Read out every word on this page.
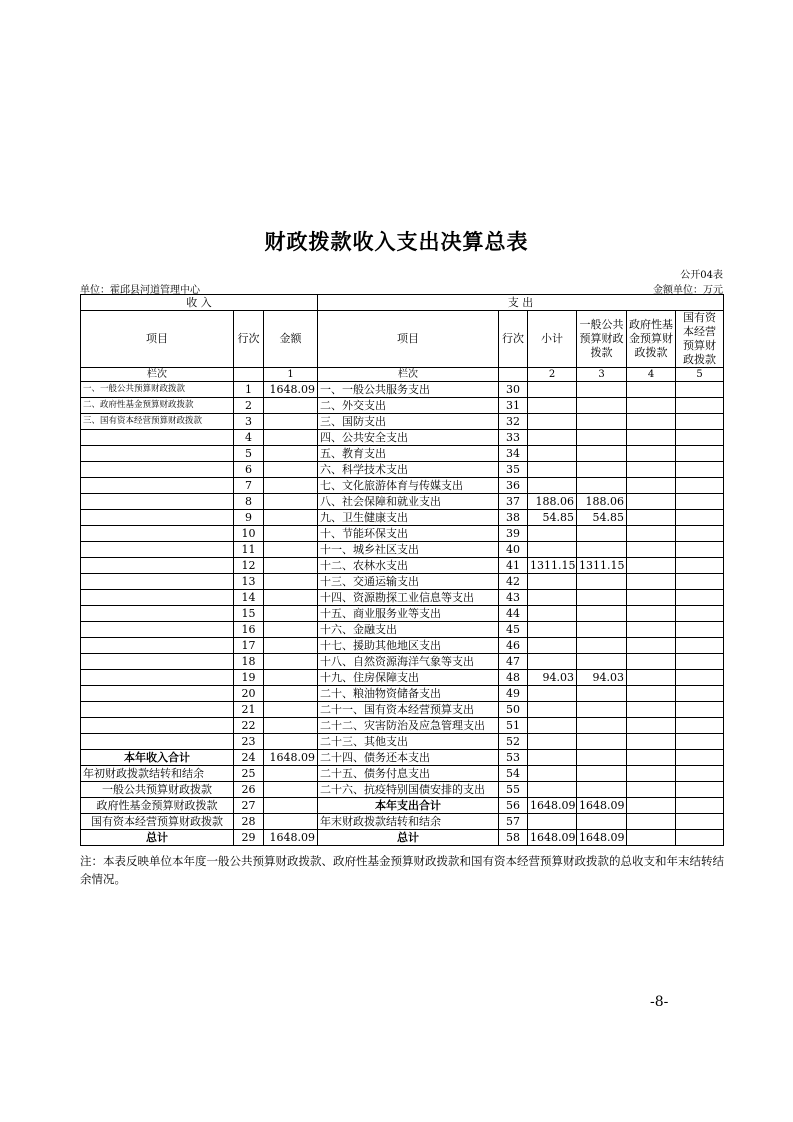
财政拨款收入支出决算总表
公开04表
单位：霍邱县河道管理中心	金额单位：万元
收 入			支 出					
项目	行次	金额	项目	行次	小计	一般公共预算财政拨款	政府性基金预算财政拨款	国有资本经营预算财政拨款
栏次		1	栏次		2	3	4	5
一、一般公共预算财政拨款	1	1648.09	一、一般公共服务支出	30				
二、政府性基金预算财政拨款	2		二、外交支出	31				
三、国有资本经营预算财政拨款	3		三、国防支出	32				
	4		四、公共安全支出	33				
	5		五、教育支出	34				
	6		六、科学技术支出	35				
	7		七、文化旅游体育与传媒支出	36				
	8		八、社会保障和就业支出	37	188.06	188.06		
	9		九、卫生健康支出	38	54.85	54.85		
	10		十、节能环保支出	39				
	11		十一、城乡社区支出	40				
	12		十二、农林水支出	41	1311.15	1311.15		
	13		十三、交通运输支出	42				
	14		十四、资源勘探工业信息等支出	43				
	15		十五、商业服务业等支出	44				
	16		十六、金融支出	45				
	17		十七、援助其他地区支出	46				
	18		十八、自然资源海洋气象等支出	47				
	19		十九、住房保障支出	48	94.03	94.03		
	20		二十、粮油物资储备支出	49				
	21		二十一、国有资本经营预算支出	50				
	22		二十二、灾害防治及应急管理支出	51				
	23		二十三、其他支出	52				
本年收入合计	24	1648.09	二十四、债务还本支出	53				
年初财政拨款结转和结余	25		二十五、债务付息支出	54				
一般公共预算财政拨款	26		二十六、抗疫特别国债安排的支出	55				
政府性基金预算财政拨款	27		本年支出合计	56	1648.09	1648.09		
国有资本经营预算财政拨款	28		年末财政拨款结转和结余	57				
总计	29	1648.09	总计	58	1648.09	1648.09		
注：本表反映单位本年度一般公共预算财政拨款、政府性基金预算财政拨款和国有资本经营预算财政拨款的总收支和年末结转结余情况。
-8-
